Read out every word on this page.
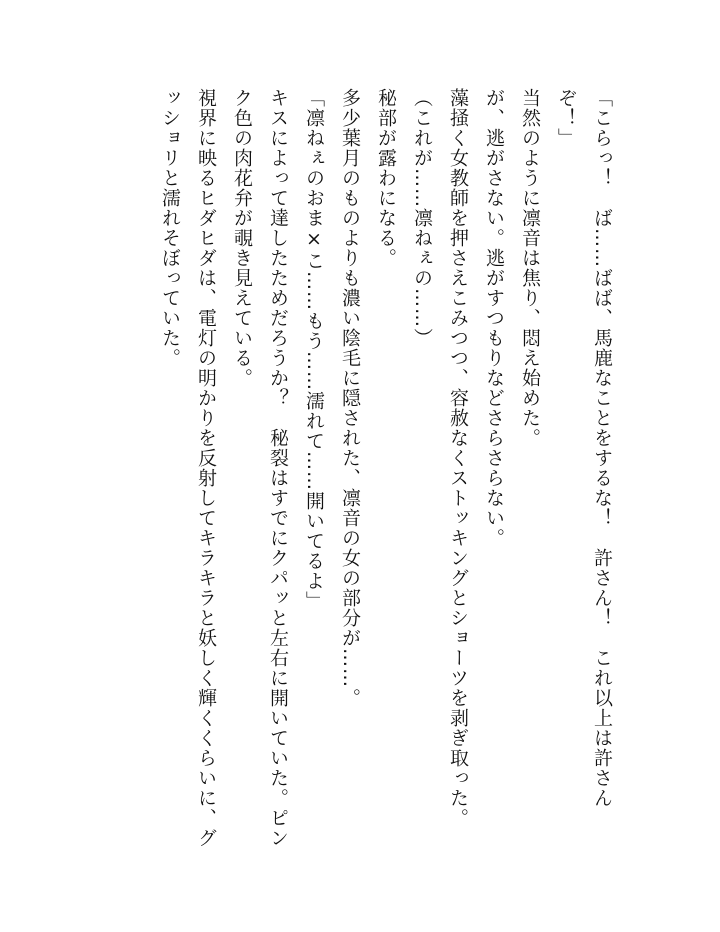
「こらっ！　ば……ばば、馬鹿なことをするな！　許さん！　これ以上は許さんぞ！」

当然のように凛音は焦り、悶え始めた。

が、逃がさない。逃がすつもりなどさらさらない。

藻掻く女教師を押さえこみつつ、容赦なくストッキングとショーツを剥ぎ取った。

（これが……凛ねぇの……）

秘部が露わになる。

多少葉月のものよりも濃い陰毛に隠された、凛音の女の部分が……。

「凛ねぇのおま×こ……もう……濡れて……開いてるよ」

キスによって達したためだろうか？　秘裂はすでにクパッと左右に開いていた。ピンク色の肉花弁が覗き見えている。

視界に映るヒダヒダは、電灯の明かりを反射してキラキラと妖しく輝くくらいに、グッショリと濡れそぼっていた。
